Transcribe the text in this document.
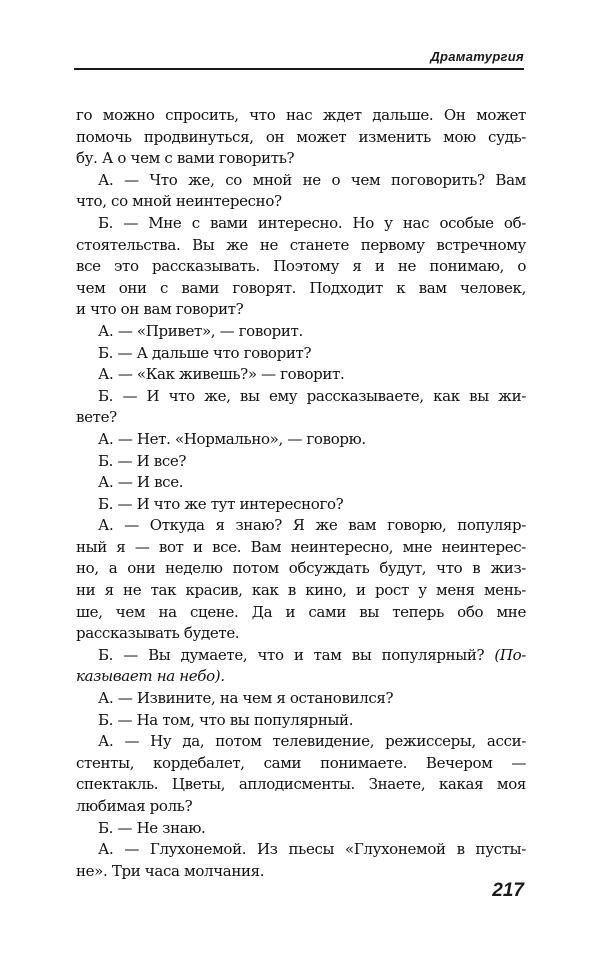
Драматургия
го можно спросить, что нас ждет дальше. Он может
помочь продвинуться, он может изменить мою судь-
бу. А о чем с вами говорить?
А. — Что же, со мной не о чем поговорить? Вам
что, со мной неинтересно?
Б. — Мне с вами интересно. Но у нас особые об-
стоятельства. Вы же не станете первому встречному
все это рассказывать. Поэтому я и не понимаю, о
чем они с вами говорят. Подходит к вам человек,
и что он вам говорит?
А. — «Привет», — говорит.
Б. — А дальше что говорит?
А. — «Как живешь?» — говорит.
Б. — И что же, вы ему рассказываете, как вы жи-
вете?
А. — Нет. «Нормально», — говорю.
Б. — И все?
А. — И все.
Б. — И что же тут интересного?
А. — Откуда я знаю? Я же вам говорю, популяр-
ный я — вот и все. Вам неинтересно, мне неинтерес-
но, а они неделю потом обсуждать будут, что в жиз-
ни я не так красив, как в кино, и рост у меня мень-
ше, чем на сцене. Да и сами вы теперь обо мне
рассказывать будете.
Б. — Вы думаете, что и там вы популярный? (По-
казывает на небо).
А. — Извините, на чем я остановился?
Б. — На том, что вы популярный.
А. — Ну да, потом телевидение, режиссеры, асси-
стенты, кордебалет, сами понимаете. Вечером —
спектакль. Цветы, аплодисменты. Знаете, какая моя
любимая роль?
Б. — Не знаю.
А. — Глухонемой. Из пьесы «Глухонемой в пусты-
не». Три часа молчания.
217
